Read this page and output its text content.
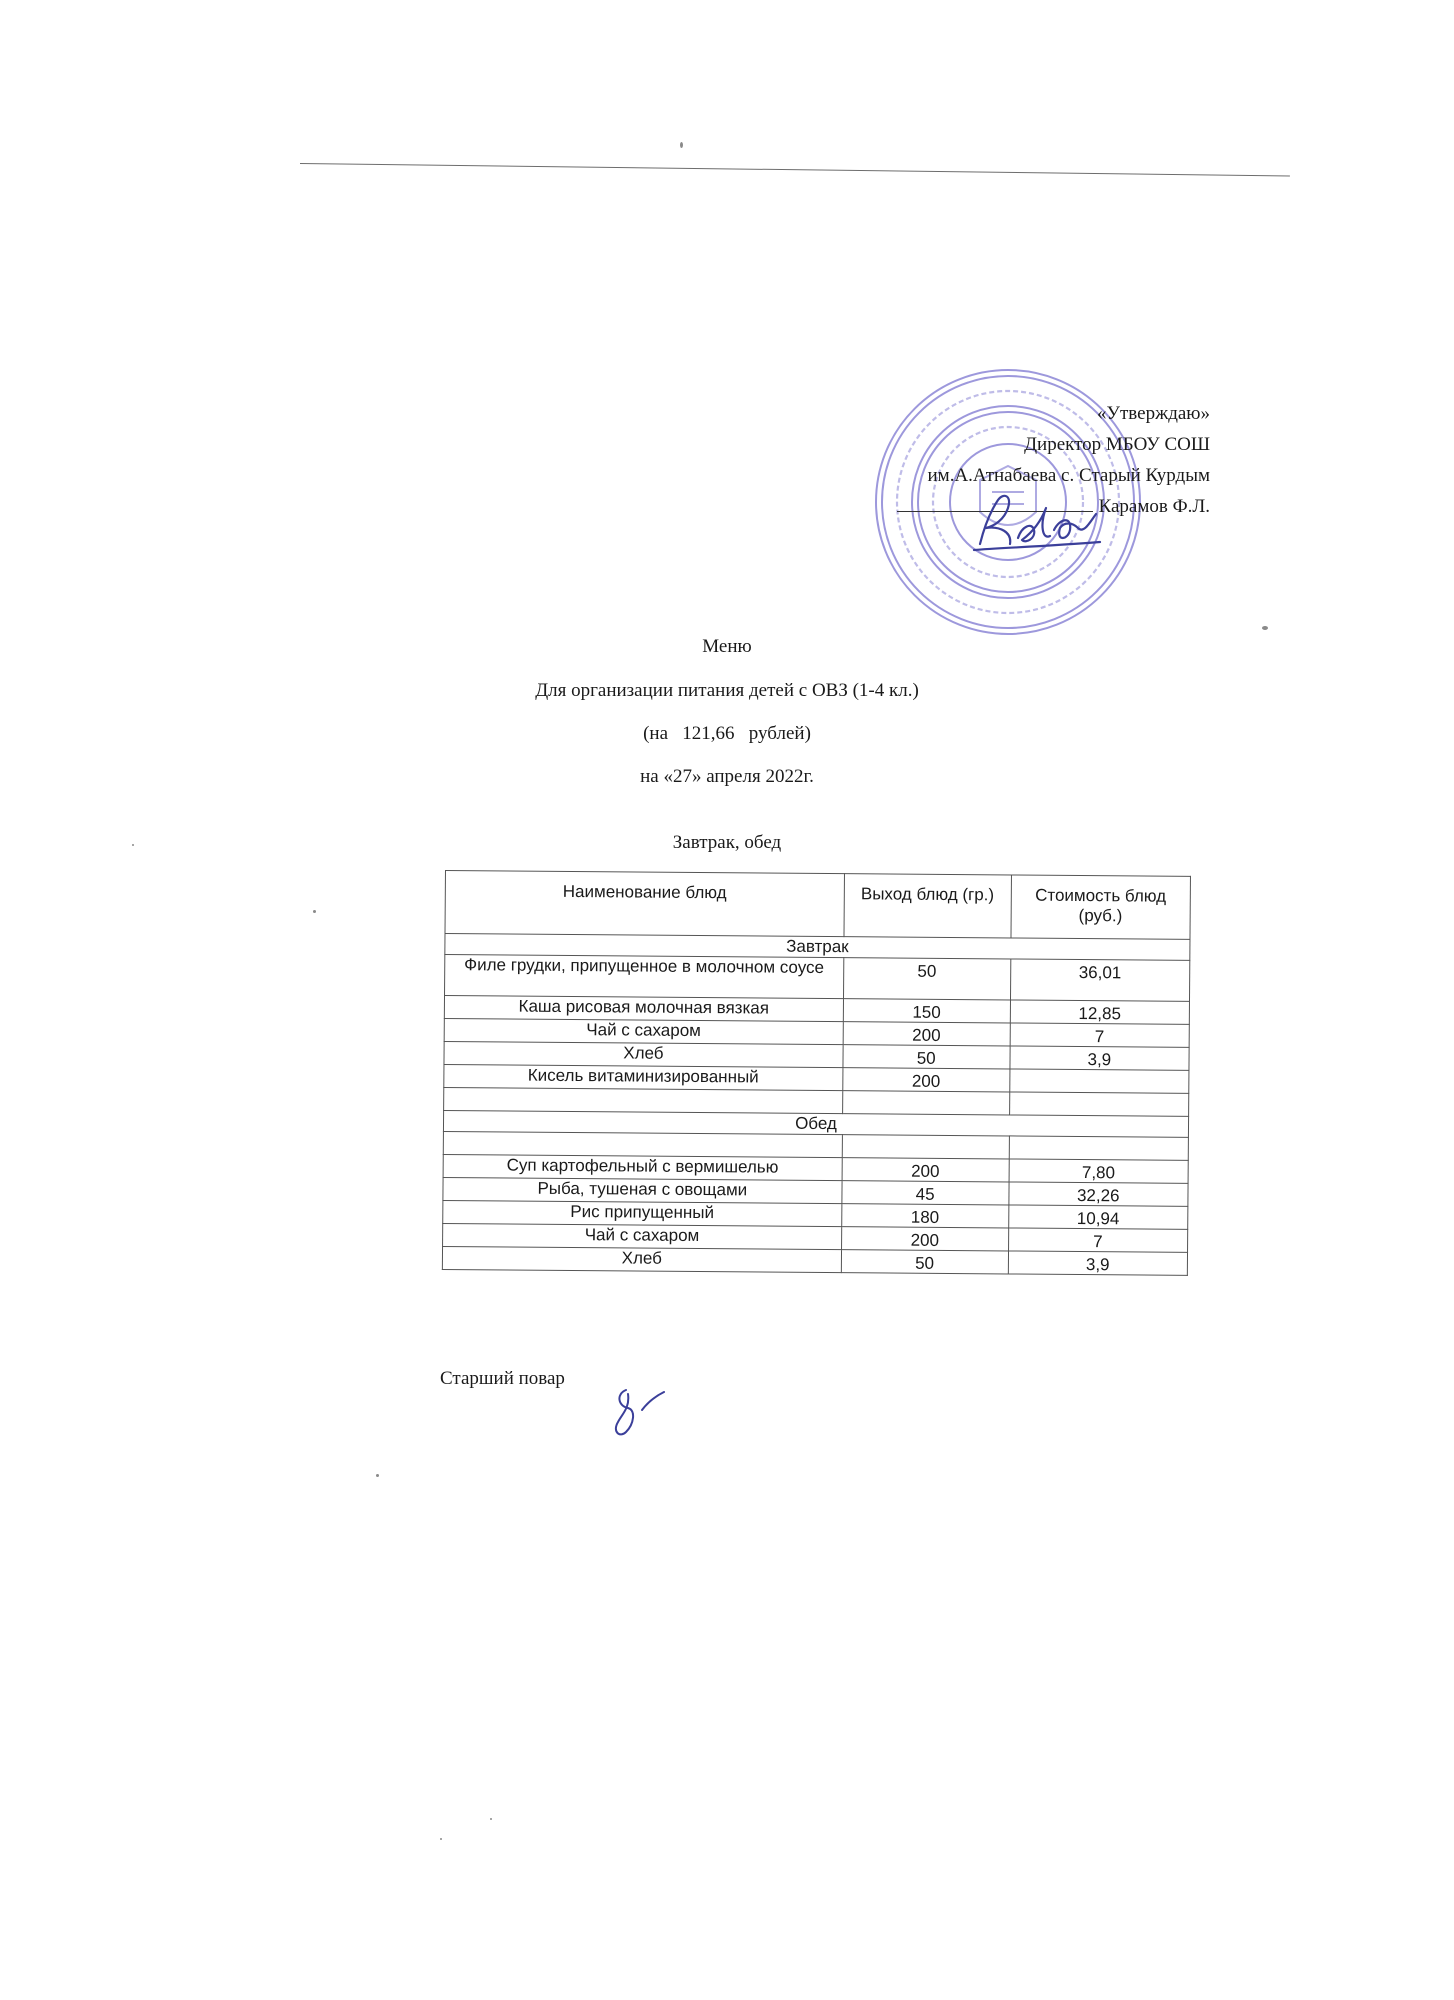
«Утверждаю»
Директор МБОУ СОШ
им.А.Атнабаева с. Старый Курдым
Карамов Ф.Л.
Меню
Для организации питания детей с ОВЗ (1-4 кл.)
(на   121,66   рублей)
на «27» апреля 2022г.
Завтрак, обед
Наименование блюд	Выход блюд (гр.)	Стоимость блюд (руб.)
Завтрак		
Филе грудки, припущенное в молочном соусе	50	36,01

Каша рисовая молочная вязкая	150	12,85

Чай с сахаром	200	7

Хлеб	50	3,9

Кисель витаминизированный	200	

Обед		

Суп картофельный с вермишелью	200	7,80

Рыба, тушеная с овощами	45	32,26

Рис припущенный	180	10,94

Чай с сахаром	200	7

Хлеб	50	3,9
Старший повар
